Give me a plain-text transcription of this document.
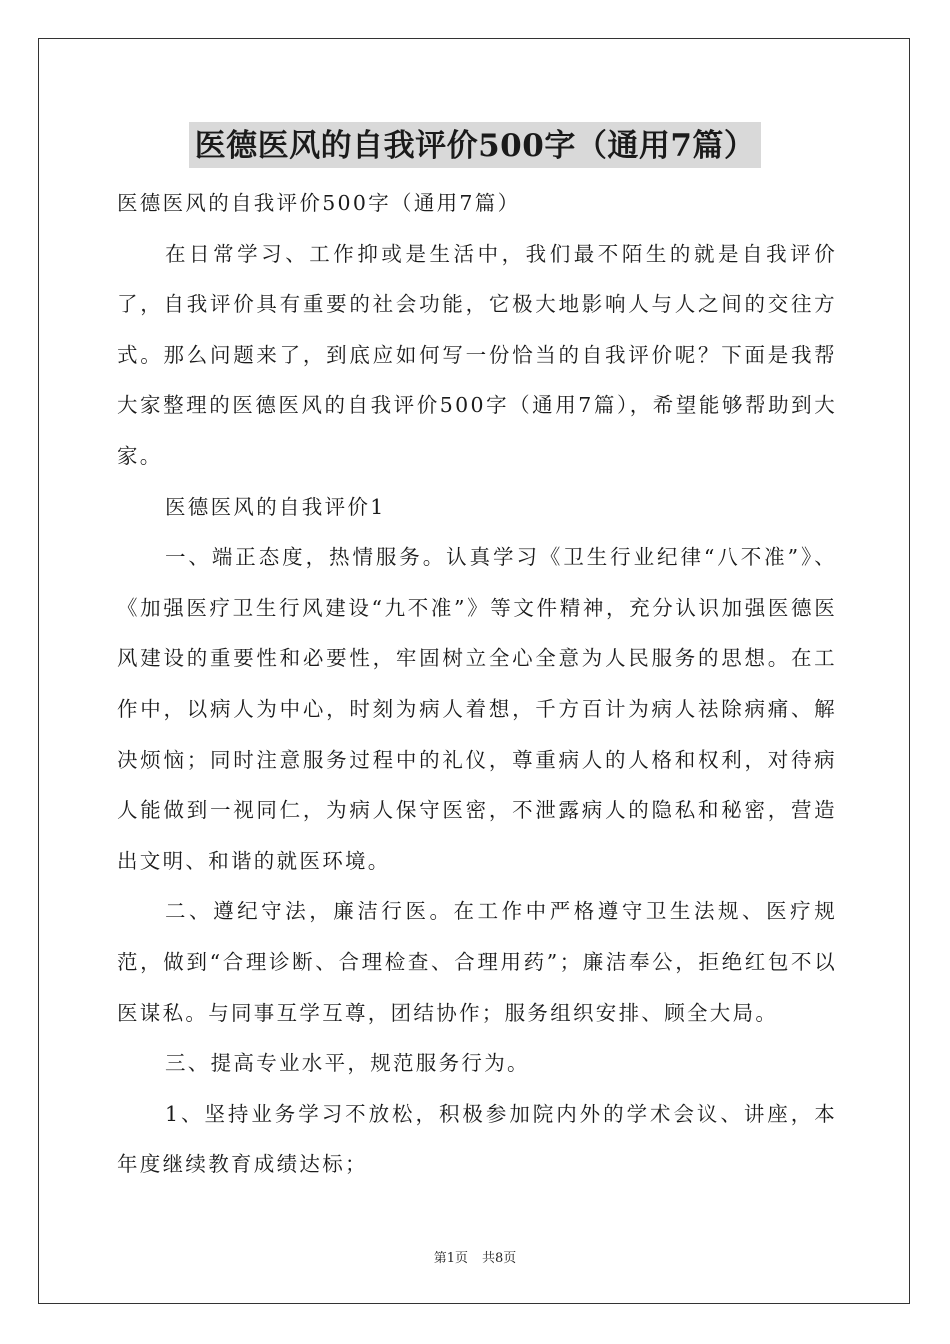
医德医风的自我评价500字（通用7篇）

医德医风的自我评价500字（通用7篇）

在日常学习、工作抑或是生活中，我们最不陌生的就是自我评价了，自我评价具有重要的社会功能，它极大地影响人与人之间的交往方式。那么问题来了，到底应如何写一份恰当的自我评价呢？下面是我帮大家整理的医德医风的自我评价500字（通用7篇），希望能够帮助到大家。

医德医风的自我评价1

一、端正态度，热情服务。认真学习《卫生行业纪律“八不准”》、《加强医疗卫生行风建设“九不准”》等文件精神，充分认识加强医德医风建设的重要性和必要性，牢固树立全心全意为人民服务的思想。在工作中，以病人为中心，时刻为病人着想，千方百计为病人祛除病痛、解决烦恼；同时注意服务过程中的礼仪，尊重病人的人格和权利，对待病人能做到一视同仁，为病人保守医密，不泄露病人的隐私和秘密，营造出文明、和谐的就医环境。

二、遵纪守法，廉洁行医。在工作中严格遵守卫生法规、医疗规范，做到“合理诊断、合理检查、合理用药”；廉洁奉公，拒绝红包不以医谋私。与同事互学互尊，团结协作；服务组织安排、顾全大局。

三、提高专业水平，规范服务行为。

1、坚持业务学习不放松，积极参加院内外的学术会议、讲座，本年度继续教育成绩达标；

第1页 共8页
